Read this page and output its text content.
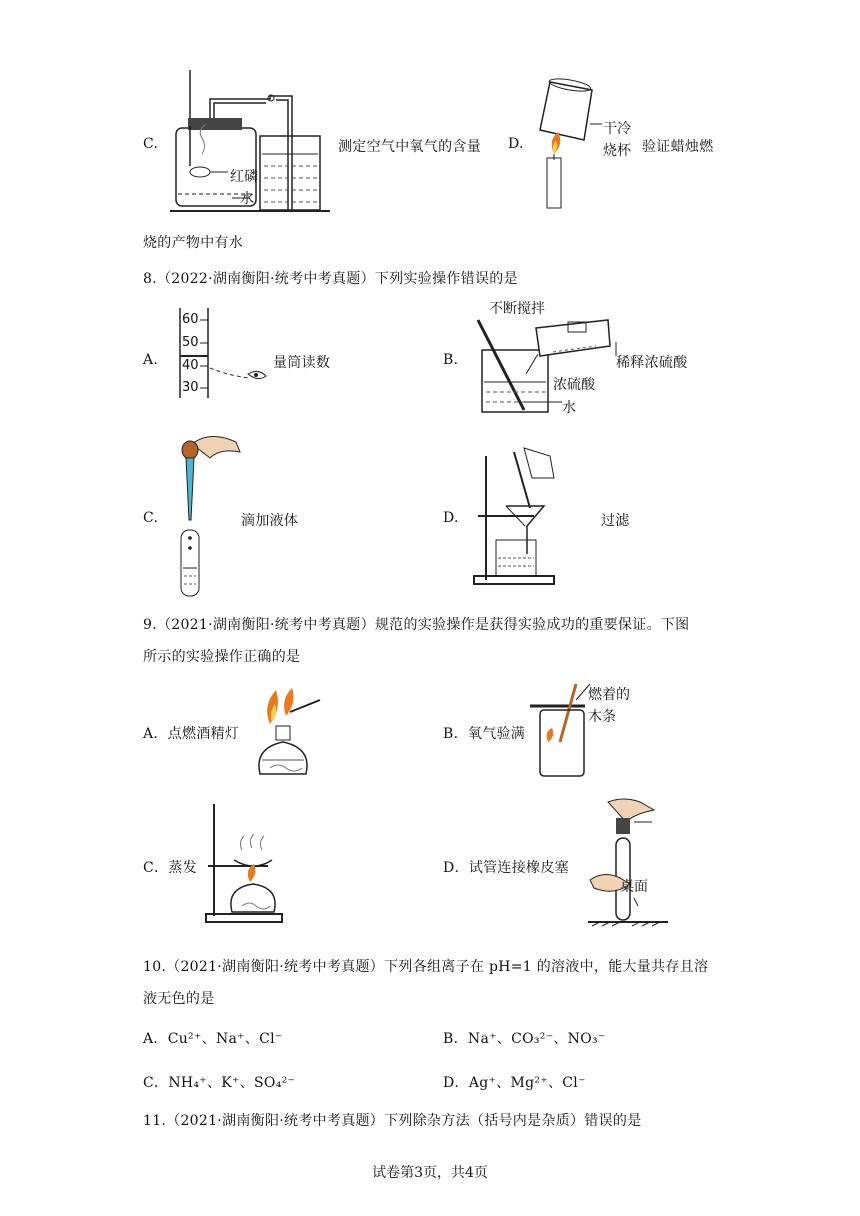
C.
红磷
水
测定空气中氧气的含量 D.
干冷
烧杯 验证蜡烛燃
烧的产物中有水
8.（2022·湖南衡阳·统考中考真题）下列实验操作错误的是
A.
60
50
40
30
量筒读数	B.
不断搅拌
浓硫酸
水
稀释浓硫酸
C.	滴加液体	D.	过滤
9.（2021·湖南衡阳·统考中考真题）规范的实验操作是获得实验成功的重要保证。下图
所示的实验操作正确的是
A．点燃酒精灯	B．氧气验满
燃着的
木条
C．蒸发	D．试管连接橡皮塞
桌面
10.（2021·湖南衡阳·统考中考真题）下列各组离子在 pH=1 的溶液中，能大量共存且溶
液无色的是
A．Cu²⁺、Na⁺、Cl⁻	B．Na⁺、CO₃²⁻、NO₃⁻
C．NH₄⁺、K⁺、SO₄²⁻	D．Ag⁺、Mg²⁺、Cl⁻
11.（2021·湖南衡阳·统考中考真题）下列除杂方法（括号内是杂质）错误的是
试卷第3页，共4页
